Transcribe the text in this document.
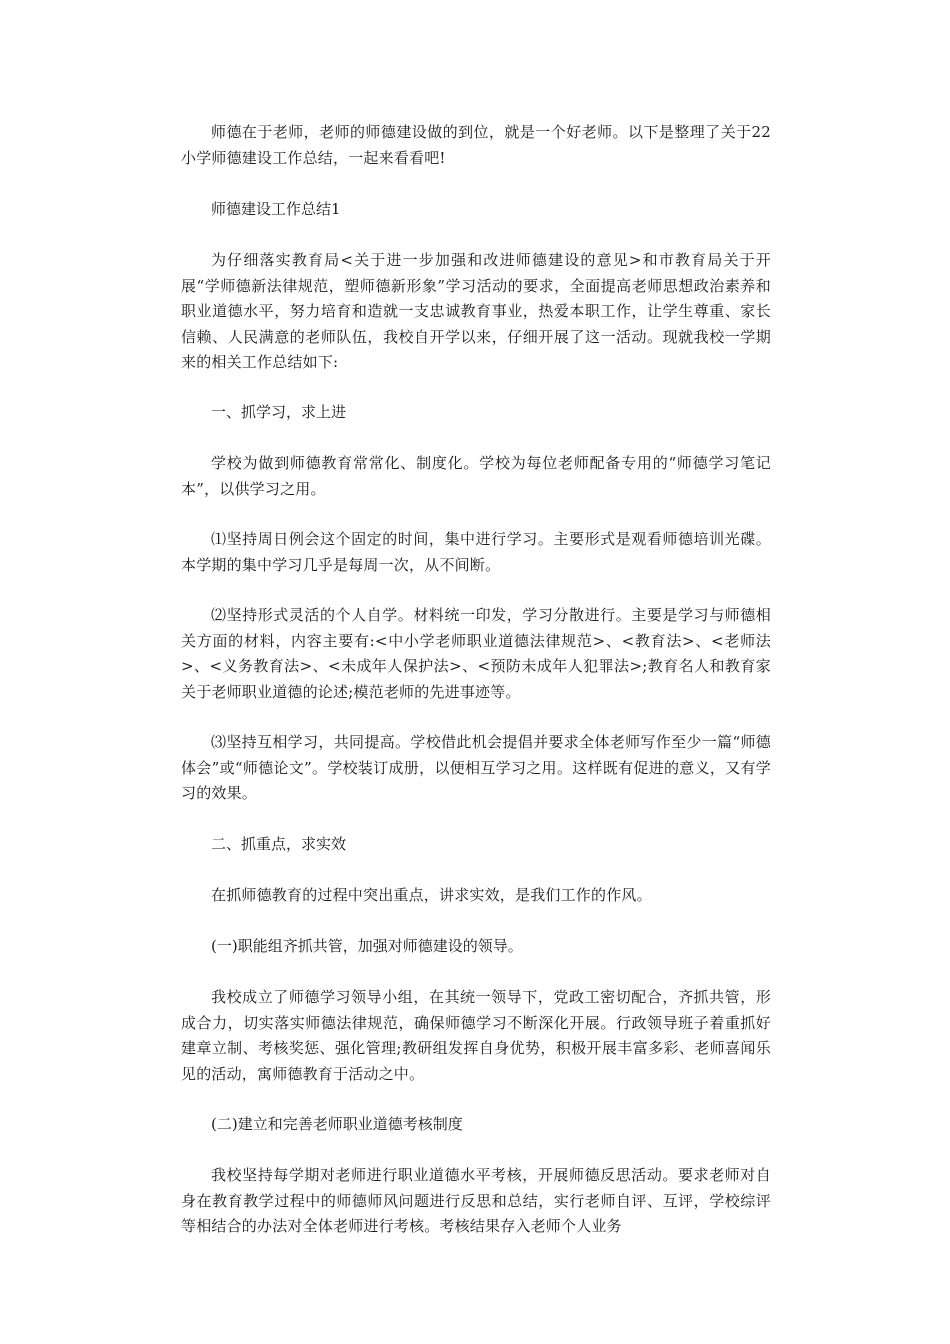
师德在于老师，老师的师德建设做的到位，就是一个好老师。以下是整理了关于22小学师德建设工作总结，一起来看看吧!

师德建设工作总结1

为仔细落实教育局<关于进一步加强和改进师德建设的意见>和市教育局关于开展“学师德新法律规范，塑师德新形象”学习活动的要求，全面提高老师思想政治素养和职业道德水平，努力培育和造就一支忠诚教育事业，热爱本职工作，让学生尊重、家长信赖、人民满意的老师队伍，我校自开学以来，仔细开展了这一活动。现就我校一学期来的相关工作总结如下:

一、抓学习，求上进

学校为做到师德教育常常化、制度化。学校为每位老师配备专用的“师德学习笔记本”，以供学习之用。

⑴坚持周日例会这个固定的时间，集中进行学习。主要形式是观看师德培训光碟。本学期的集中学习几乎是每周一次，从不间断。

⑵坚持形式灵活的个人自学。材料统一印发，学习分散进行。主要是学习与师德相关方面的材料，内容主要有:<中小学老师职业道德法律规范>、<教育法>、<老师法>、<义务教育法>、<未成年人保护法>、<预防未成年人犯罪法>;教育名人和教育家关于老师职业道德的论述;模范老师的先进事迹等。

⑶坚持互相学习，共同提高。学校借此机会提倡并要求全体老师写作至少一篇“师德体会”或“师德论文”。学校装订成册，以便相互学习之用。这样既有促进的意义，又有学习的效果。

二、抓重点，求实效

在抓师德教育的过程中突出重点，讲求实效，是我们工作的作风。

(一)职能组齐抓共管，加强对师德建设的领导。

我校成立了师德学习领导小组，在其统一领导下，党政工密切配合，齐抓共管，形成合力，切实落实师德法律规范，确保师德学习不断深化开展。行政领导班子着重抓好建章立制、考核奖惩、强化管理;教研组发挥自身优势，积极开展丰富多彩、老师喜闻乐见的活动，寓师德教育于活动之中。

(二)建立和完善老师职业道德考核制度

我校坚持每学期对老师进行职业道德水平考核，开展师德反思活动。要求老师对自身在教育教学过程中的师德师风问题进行反思和总结，实行老师自评、互评，学校综评等相结合的办法对全体老师进行考核。考核结果存入老师个人业务
